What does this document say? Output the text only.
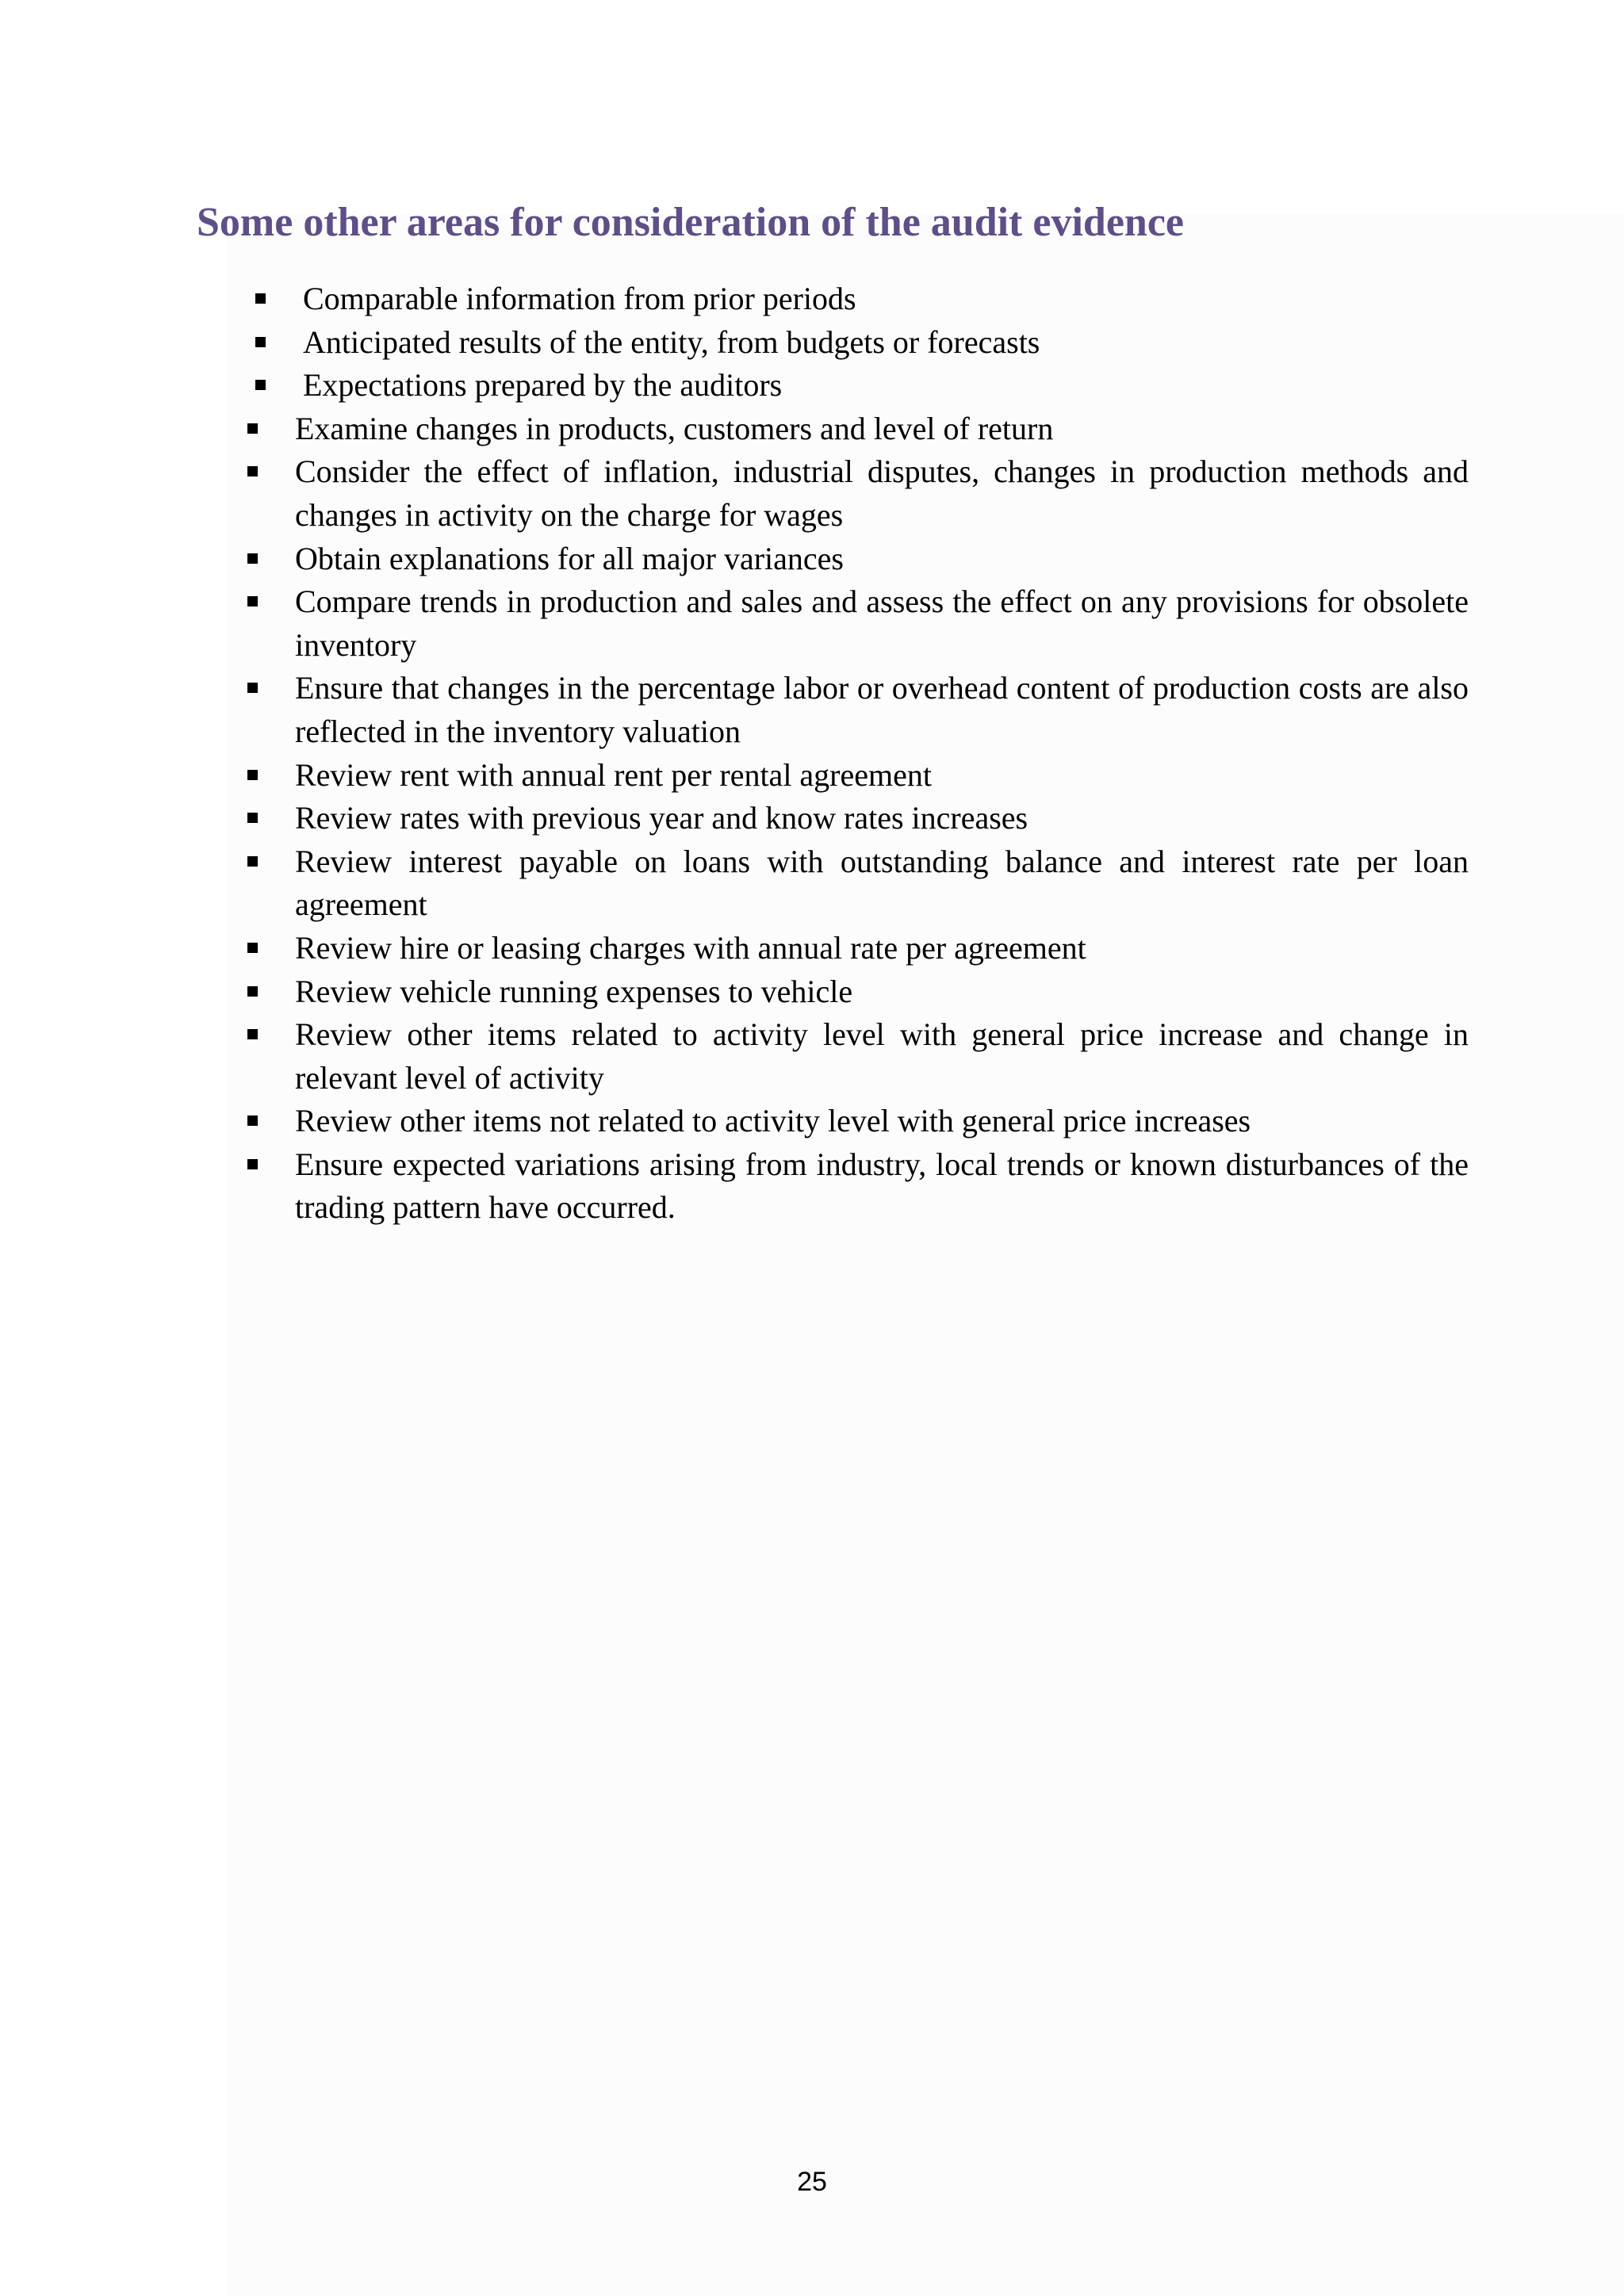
Some other areas for consideration of the audit evidence
Comparable information from prior periods
Anticipated results of the entity, from budgets or forecasts
Expectations prepared by the auditors
Examine changes in products, customers and level of return
Consider the effect of inflation, industrial disputes, changes in production methods and changes in activity on the charge for wages
Obtain explanations for all major variances
Compare trends in production and sales and assess the effect on any provisions for obsolete inventory
Ensure that changes in the percentage labor or overhead content of production costs are also reflected in the inventory valuation
Review rent with annual rent per rental agreement
Review rates with previous year and know rates increases
Review interest payable on loans with outstanding balance and interest rate per loan agreement
Review hire or leasing charges with annual rate per agreement
Review vehicle running expenses to vehicle
Review other items related to activity level with general price increase and change in relevant level of activity
Review other items not related to activity level with general price increases
Ensure expected variations arising from industry, local trends or known disturbances of the trading pattern have occurred.
25
